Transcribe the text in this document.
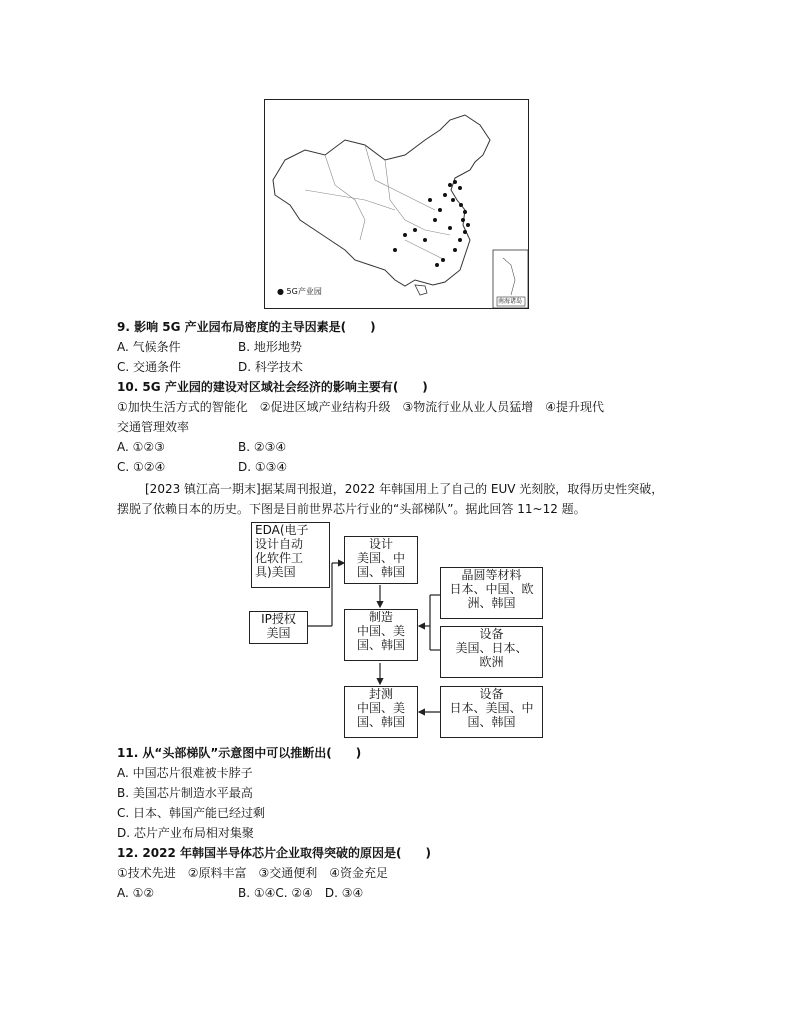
● 5G产业园
南海诸岛
9. 影响 5G 产业园布局密度的主导因素是(　　)
A. 气候条件	B. 地形地势
C. 交通条件	D. 科学技术
10. 5G 产业园的建设对区域社会经济的影响主要有(　　)
①加快生活方式的智能化　②促进区域产业结构升级　③物流行业从业人员猛增　④提升现代
交通管理效率
A. ①②③	B. ②③④
C. ①②④	D. ①③④
[2023 镇江高一期末]据某周刊报道，2022 年韩国用上了自己的 EUV 光刻胶，取得历史性突破，
摆脱了依赖日本的历史。下图是目前世界芯片行业的“头部梯队”。据此回答 11~12 题。
EDA(电子
设计自动
化软件工
具)美国
IP授权
美国
设计
美国、中
国、韩国
制造
中国、美
国、韩国
封测
中国、美
国、韩国
晶圆等材料
日本、中国、欧
洲、韩国
设备
美国、日本、
欧洲
设备
日本、美国、中
国、韩国
11. 从“头部梯队”示意图中可以推断出(　　)
A. 中国芯片很难被卡脖子
B. 美国芯片制造水平最高
C. 日本、韩国产能已经过剩
D. 芯片产业布局相对集聚
12. 2022 年韩国半导体芯片企业取得突破的原因是(　　)
①技术先进　②原料丰富　③交通便利　④资金充足
A. ①②	B. ①④C. ②④　D. ③④
